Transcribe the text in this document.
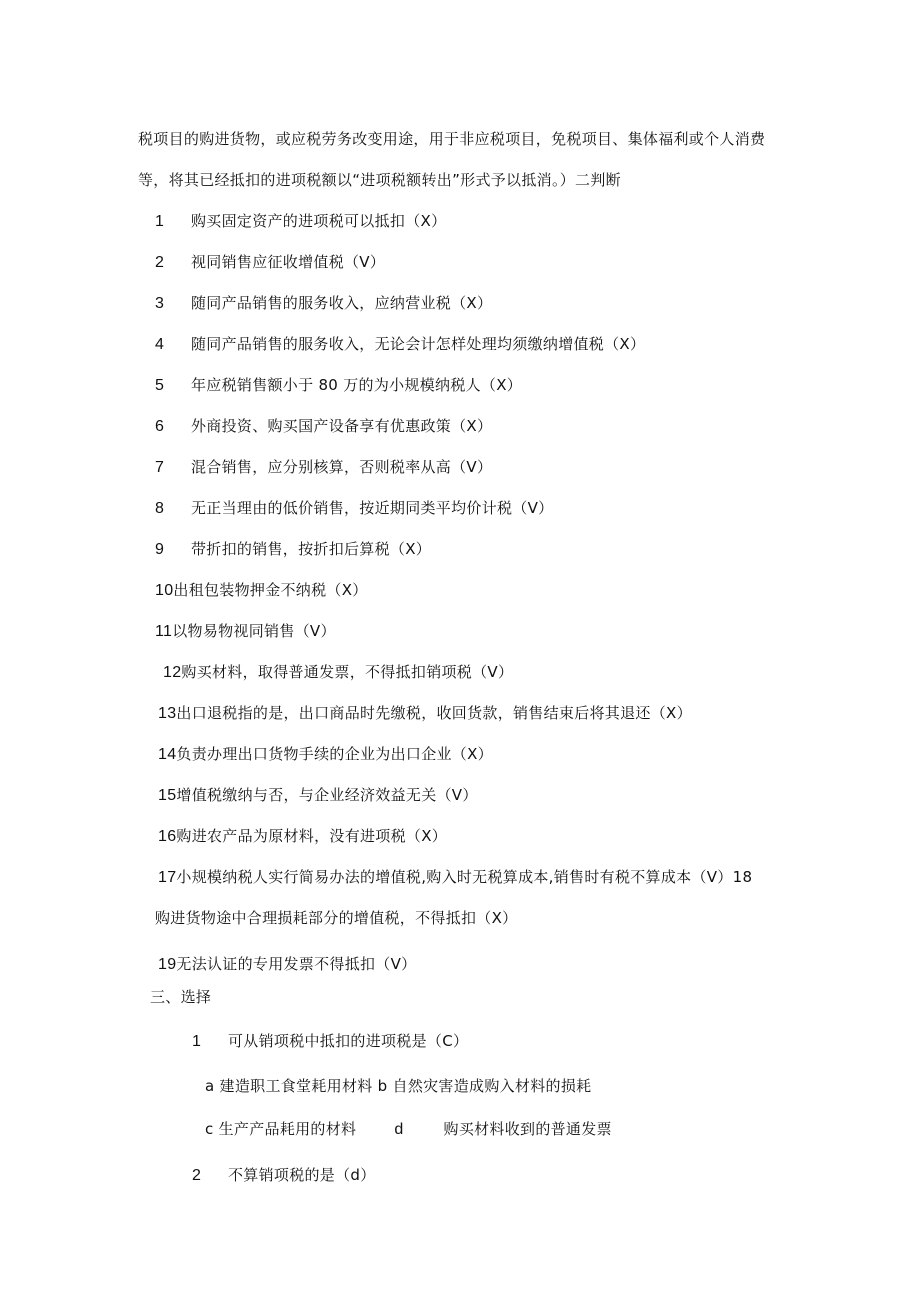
税项目的购进货物，或应税劳务改变用途，用于非应税项目，免税项目、集体福利或个人消费
等，将其已经抵扣的进项税额以“进项税额转出”形式予以抵消。）二判断
1 购买固定资产的进项税可以抵扣（X）
2 视同销售应征收增值税（V）
3 随同产品销售的服务收入，应纳营业税（X）
4 随同产品销售的服务收入，无论会计怎样处理均须缴纳增值税（X）
5 年应税销售额小于 80 万的为小规模纳税人（X）
6 外商投资、购买国产设备享有优惠政策（X）
7 混合销售，应分别核算，否则税率从高（V）
8 无正当理由的低价销售，按近期同类平均价计税（V）
9 带折扣的销售，按折扣后算税（X）
10出租包装物押金不纳税（X）
11以物易物视同销售（V）
12购买材料，取得普通发票，不得抵扣销项税（V）
13出口退税指的是，出口商品时先缴税，收回货款，销售结束后将其退还（X）
14负责办理出口货物手续的企业为出口企业（X）
15增值税缴纳与否，与企业经济效益无关（V）
16购进农产品为原材料，没有进项税（X）
17小规模纳税人实行简易办法的增值税,购入时无税算成本,销售时有税不算成本（V）18
购进货物途中合理损耗部分的增值税，不得抵扣（X）
19无法认证的专用发票不得抵扣（V）
三、选择
1 可从销项税中抵扣的进项税是（C）
a 建造职工食堂耗用材料 b 自然灾害造成购入材料的损耗
c 生产产品耗用的材料 d	购买材料收到的普通发票
2 不算销项税的是（d）
